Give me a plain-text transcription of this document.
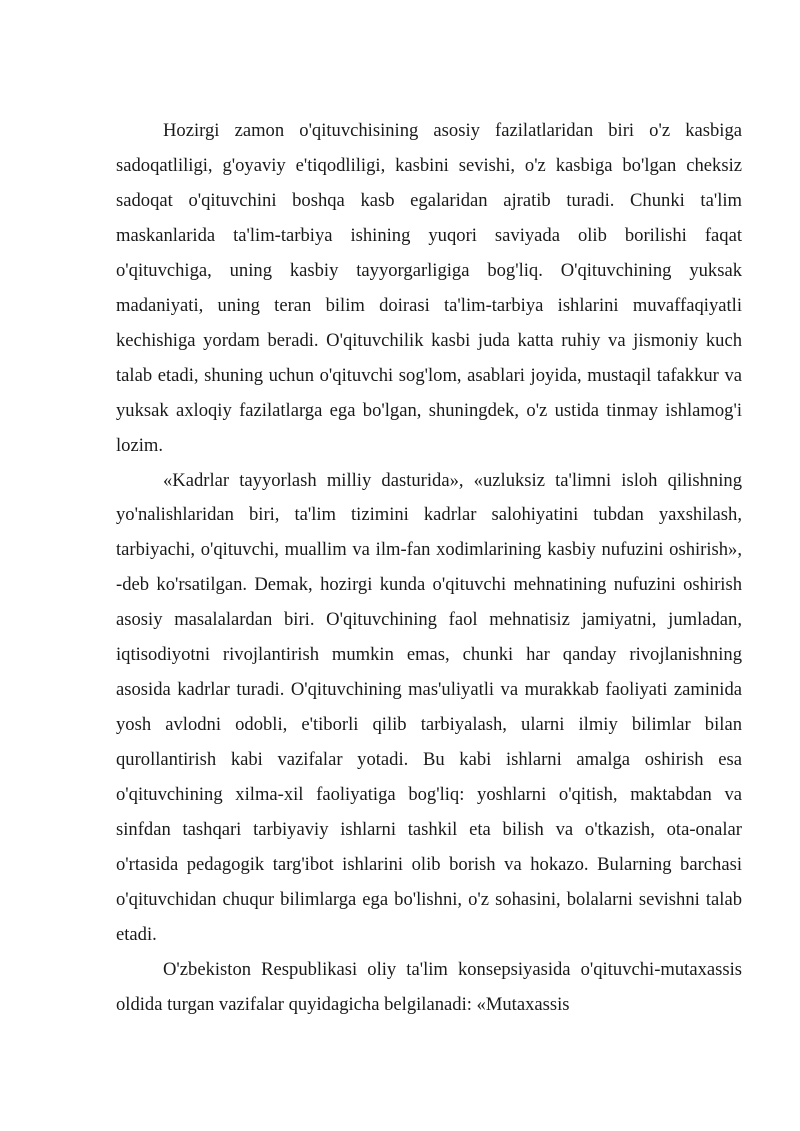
Hozirgi zamon o'qituvchisining asosiy fazilatlaridan biri o'z kasbiga sadoqatliligi, g'oyaviy e'tiqodliligi, kasbini sevishi, o'z kasbiga bo'lgan cheksiz sadoqat o'qituvchini boshqa kasb egalaridan ajratib turadi. Chunki ta'lim maskanlarida ta'lim-tarbiya ishining yuqori saviyada olib borilishi faqat o'qituvchiga, uning kasbiy tayyorgarligiga bog'liq. O'qituvchining yuksak madaniyati, uning teran bilim doirasi ta'lim-tarbiya ishlarini muvaffaqiyatli kechishiga yordam beradi. O'qituvchilik kasbi juda katta ruhiy va jismoniy kuch talab etadi, shuning uchun o'qituvchi sog'lom, asablari joyida, mustaqil tafakkur va yuksak axloqiy fazilatlarga ega bo'lgan, shuningdek, o'z ustida tinmay ishlamog'i lozim.

«Kadrlar tayyorlash milliy dasturida», «uzluksiz ta'limni isloh qilishning yo'nalishlaridan biri, ta'lim tizimini kadrlar salohiyatini tubdan yaxshilash, tarbiyachi, o'qituvchi, muallim va ilm-fan xodimlarining kasbiy nufuzini oshirish», -deb ko'rsatilgan. Demak, hozirgi kunda o'qituvchi mehnatining nufuzini oshirish asosiy masalalardan biri. O'qituvchining faol mehnatisiz jamiyatni, jumladan, iqtisodiyotni rivojlantirish mumkin emas, chunki har qanday rivojlanishning asosida kadrlar turadi. O'qituvchining mas'uliyatli va murakkab faoliyati zaminida yosh avlodni odobli, e'tiborli qilib tarbiyalash, ularni ilmiy bilimlar bilan qurollantirish kabi vazifalar yotadi. Bu kabi ishlarni amalga oshirish esa o'qituvchining xilma-xil faoliyatiga bog'liq: yoshlarni o'qitish, maktabdan va sinfdan tashqari tarbiyaviy ishlarni tashkil eta bilish va o'tkazish, ota-onalar o'rtasida pedagogik targ'ibot ishlarini olib borish va hokazo. Bularning barchasi o'qituvchidan chuqur bilimlarga ega bo'lishni, o'z sohasini, bolalarni sevishni talab etadi.

O'zbekiston Respublikasi oliy ta'lim konsepsiyasida o'qituvchi-mutaxassis oldida turgan vazifalar quyidagicha belgilanadi: «Mutaxassis
